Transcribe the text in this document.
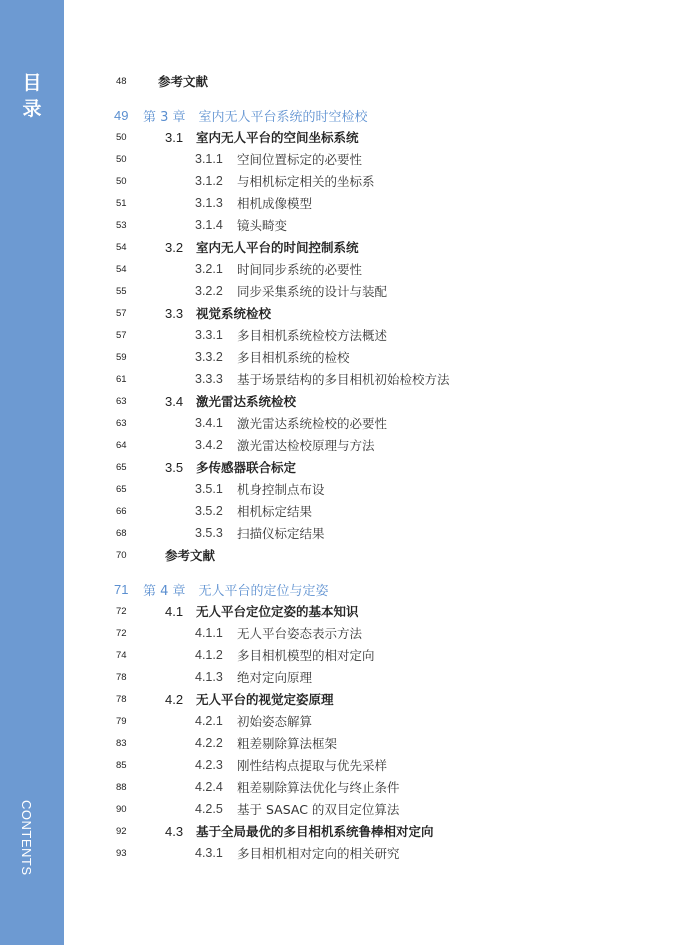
目
录
CONTENTS
48	参考文献
49 第 3 章　室内无人平台系统的时空检校
50	3.1 室内无人平台的空间坐标系统
50	3.1.1 空间位置标定的必要性
50	3.1.2 与相机标定相关的坐标系
51	3.1.3 相机成像模型
53	3.1.4 镜头畸变
54	3.2 室内无人平台的时间控制系统
54	3.2.1 时间同步系统的必要性
55	3.2.2 同步采集系统的设计与装配
57	3.3 视觉系统检校
57	3.3.1 多目相机系统检校方法概述
59	3.3.2 多目相机系统的检校
61	3.3.3 基于场景结构的多目相机初始检校方法
63	3.4 激光雷达系统检校
63	3.4.1 激光雷达系统检校的必要性
64	3.4.2 激光雷达检校原理与方法
65	3.5 多传感器联合标定
65	3.5.1 机身控制点布设
66	3.5.2 相机标定结果
68	3.5.3 扫描仪标定结果
70	参考文献
71 第 4 章　无人平台的定位与定姿
72	4.1 无人平台定位定姿的基本知识
72	4.1.1 无人平台姿态表示方法
74	4.1.2 多目相机模型的相对定向
78	4.1.3 绝对定向原理
78	4.2 无人平台的视觉定姿原理
79	4.2.1 初始姿态解算
83	4.2.2 粗差剔除算法框架
85	4.2.3 刚性结构点提取与优先采样
88	4.2.4 粗差剔除算法优化与终止条件
90	4.2.5 基于 SASAC 的双目定位算法
92	4.3 基于全局最优的多目相机系统鲁棒相对定向
93	4.3.1 多目相机相对定向的相关研究
